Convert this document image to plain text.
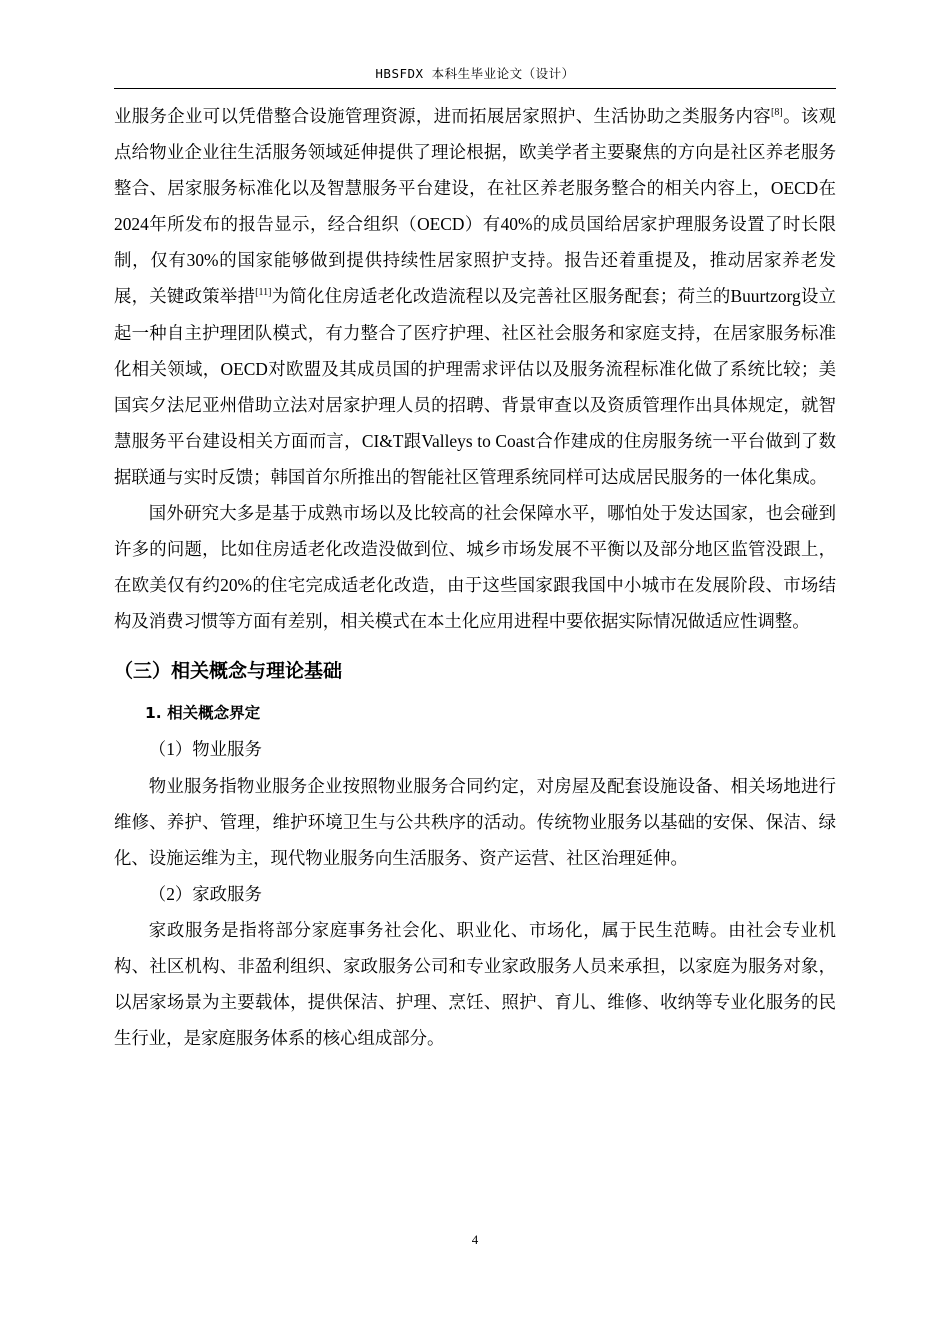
HBSFDX 本科生毕业论文（设计）

业服务企业可以凭借整合设施管理资源，进而拓展居家照护、生活协助之类服务内容[8]。该观点给物业企业往生活服务领域延伸提供了理论根据，欧美学者主要聚焦的方向是社区养老服务整合、居家服务标准化以及智慧服务平台建设，在社区养老服务整合的相关内容上，OECD在2024年所发布的报告显示，经合组织（OECD）有40%的成员国给居家护理服务设置了时长限制，仅有30%的国家能够做到提供持续性居家照护支持。报告还着重提及，推动居家养老发展，关键政策举措[11]为简化住房适老化改造流程以及完善社区服务配套；荷兰的Buurtzorg设立起一种自主护理团队模式，有力整合了医疗护理、社区社会服务和家庭支持，在居家服务标准化相关领域，OECD对欧盟及其成员国的护理需求评估以及服务流程标准化做了系统比较；美国宾夕法尼亚州借助立法对居家护理人员的招聘、背景审查以及资质管理作出具体规定，就智慧服务平台建设相关方面而言，CI&T跟Valleys to Coast合作建成的住房服务统一平台做到了数据联通与实时反馈；韩国首尔所推出的智能社区管理系统同样可达成居民服务的一体化集成。

国外研究大多是基于成熟市场以及比较高的社会保障水平，哪怕处于发达国家，也会碰到许多的问题，比如住房适老化改造没做到位、城乡市场发展不平衡以及部分地区监管没跟上，在欧美仅有约20%的住宅完成适老化改造，由于这些国家跟我国中小城市在发展阶段、市场结构及消费习惯等方面有差别，相关模式在本土化应用进程中要依据实际情况做适应性调整。

（三）相关概念与理论基础
1. 相关概念界定

（1）物业服务

物业服务指物业服务企业按照物业服务合同约定，对房屋及配套设施设备、相关场地进行维修、养护、管理，维护环境卫生与公共秩序的活动。传统物业服务以基础的安保、保洁、绿化、设施运维为主，现代物业服务向生活服务、资产运营、社区治理延伸。

（2）家政服务

家政服务是指将部分家庭事务社会化、职业化、市场化，属于民生范畴。由社会专业机构、社区机构、非盈利组织、家政服务公司和专业家政服务人员来承担，以家庭为服务对象，以居家场景为主要载体，提供保洁、护理、烹饪、照护、育儿、维修、收纳等专业化服务的民生行业，是家庭服务体系的核心组成部分。

4
